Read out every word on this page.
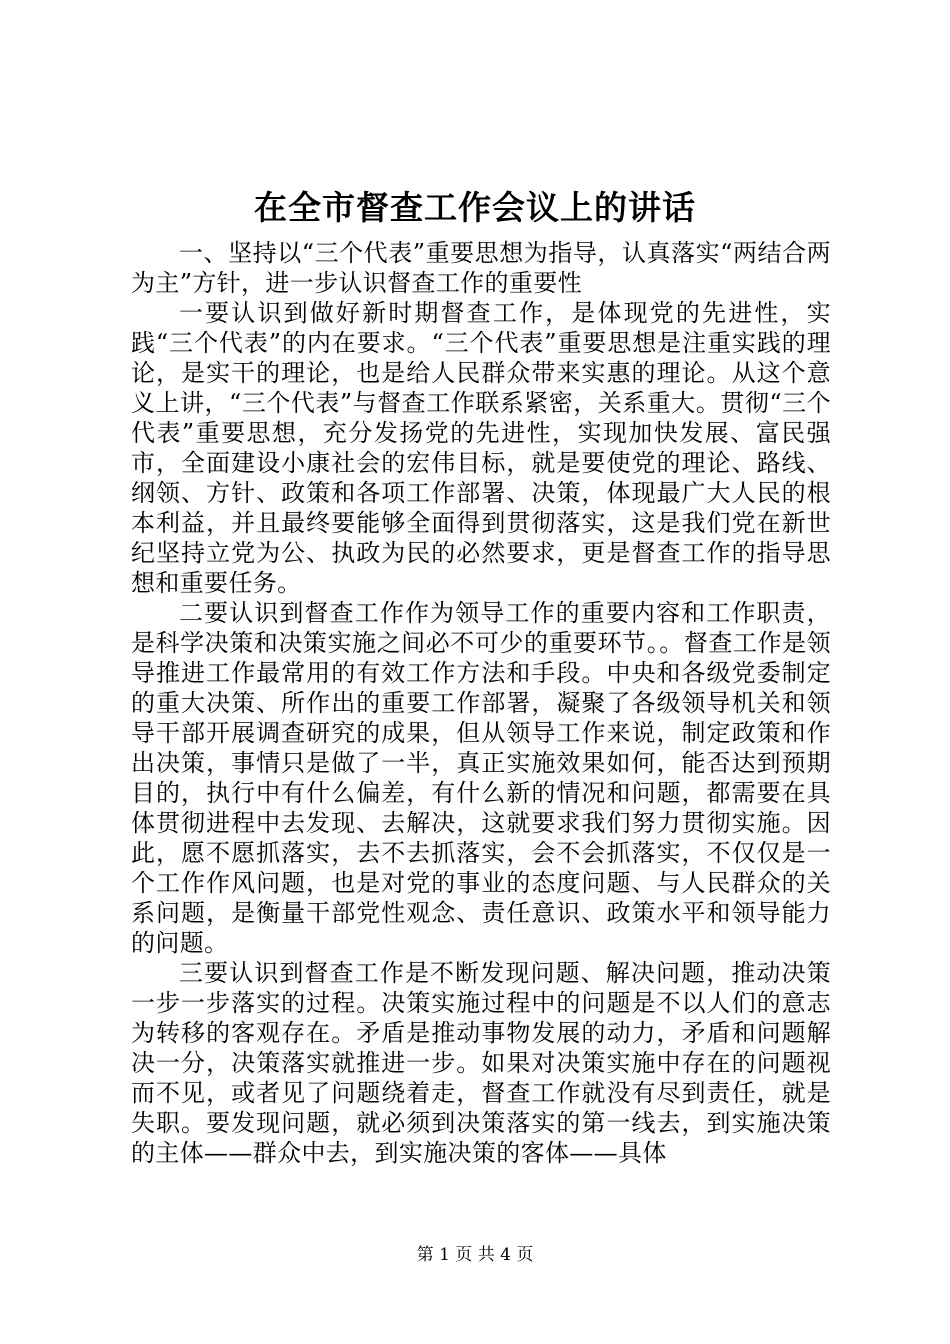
在全市督查工作会议上的讲话

一、坚持以“三个代表”重要思想为指导，认真落实“两结合两为主”方针，进一步认识督查工作的重要性

一要认识到做好新时期督查工作，是体现党的先进性，实践“三个代表”的内在要求。“三个代表”重要思想是注重实践的理论，是实干的理论，也是给人民群众带来实惠的理论。从这个意义上讲，“三个代表”与督查工作联系紧密，关系重大。贯彻“三个代表”重要思想，充分发扬党的先进性，实现加快发展、富民强市，全面建设小康社会的宏伟目标，就是要使党的理论、路线、纲领、方针、政策和各项工作部署、决策，体现最广大人民的根本利益，并且最终要能够全面得到贯彻落实，这是我们党在新世纪坚持立党为公、执政为民的必然要求，更是督查工作的指导思想和重要任务。

二要认识到督查工作作为领导工作的重要内容和工作职责，是科学决策和决策实施之间必不可少的重要环节。。督查工作是领导推进工作最常用的有效工作方法和手段。中央和各级党委制定的重大决策、所作出的重要工作部署，凝聚了各级领导机关和领导干部开展调查研究的成果，但从领导工作来说，制定政策和作出决策，事情只是做了一半，真正实施效果如何，能否达到预期目的，执行中有什么偏差，有什么新的情况和问题，都需要在具体贯彻进程中去发现、去解决，这就要求我们努力贯彻实施。因此，愿不愿抓落实，去不去抓落实，会不会抓落实，不仅仅是一个工作作风问题，也是对党的事业的态度问题、与人民群众的关系问题，是衡量干部党性观念、责任意识、政策水平和领导能力的问题。

三要认识到督查工作是不断发现问题、解决问题，推动决策一步一步落实的过程。决策实施过程中的问题是不以人们的意志为转移的客观存在。矛盾是推动事物发展的动力，矛盾和问题解决一分，决策落实就推进一步。如果对决策实施中存在的问题视而不见，或者见了问题绕着走，督查工作就没有尽到责任，就是失职。要发现问题，就必须到决策落实的第一线去，到实施决策的主体——群众中去，到实施决策的客体——具体

第 1 页 共 4 页
